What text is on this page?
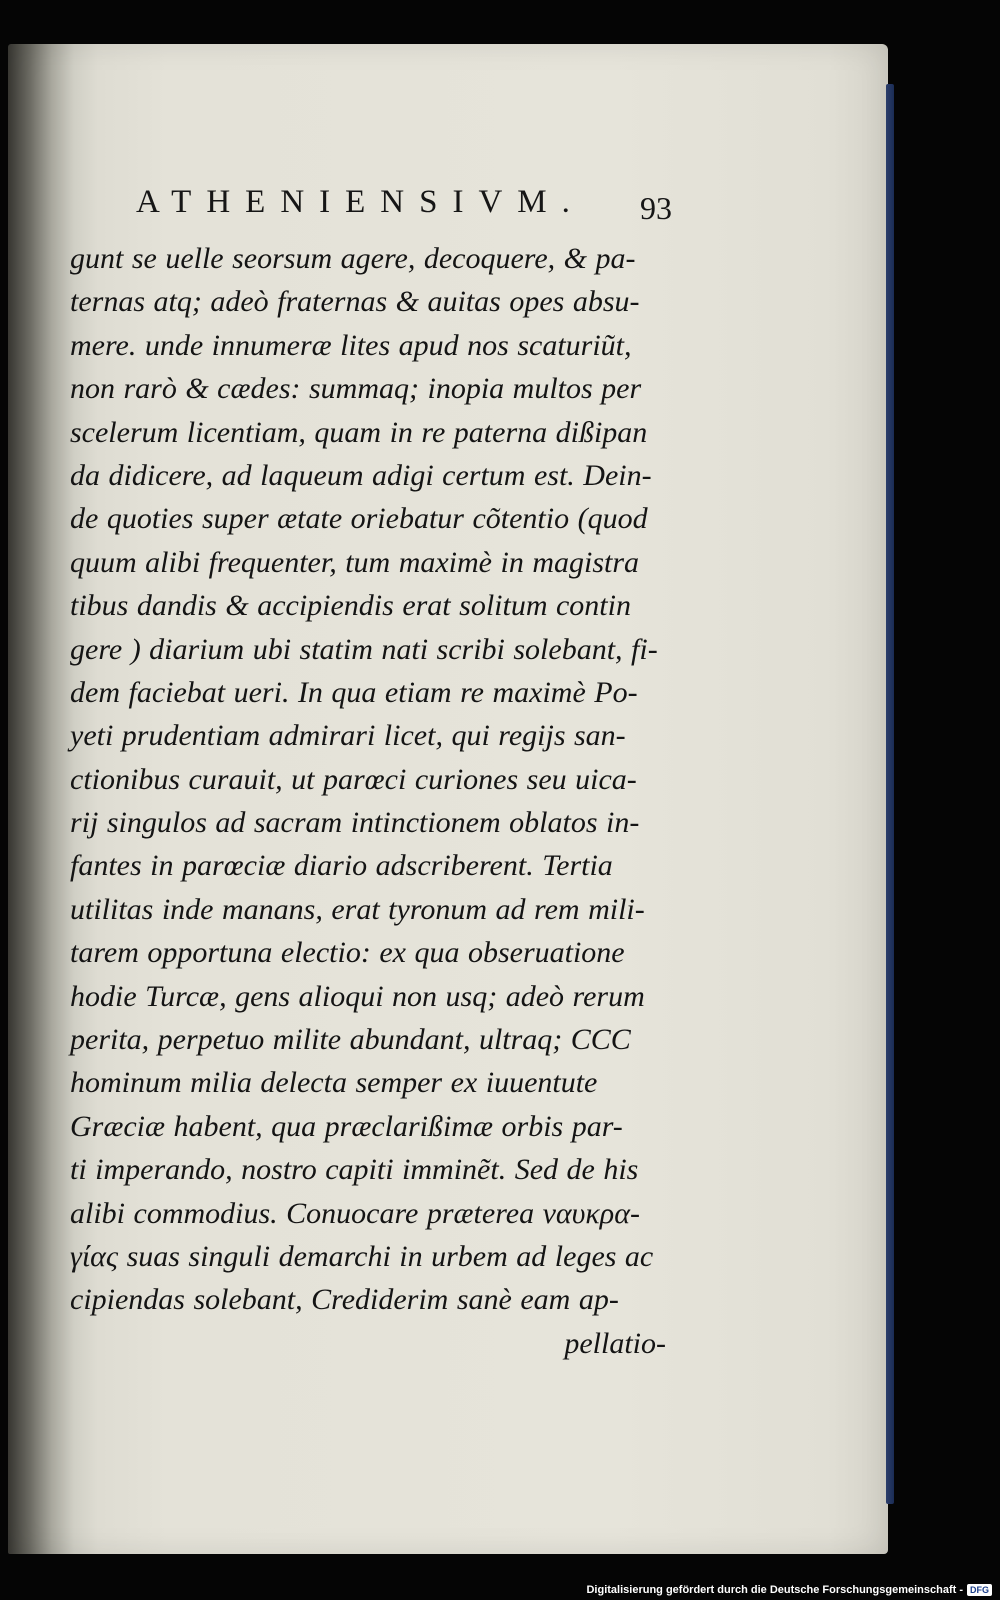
ATHENIENSIVM. 93
gunt se uelle seorsum agere, decoquere, & pa-
ternas atq; adeò fraternas & auitas opes absu-
mere. unde innumeræ lites apud nos scaturiũt,
non rarò & cædes: summaq; inopia multos per
scelerum licentiam, quam in re paterna dißipan
da didicere, ad laqueum adigi certum est. Dein-
de quoties super ætate oriebatur cõtentio (quod
quum alibi frequenter, tum maximè in magistra
tibus dandis & accipiendis erat solitum contin
gere ) diarium ubi statim nati scribi solebant, fi-
dem faciebat ueri. In qua etiam re maximè Po-
yeti prudentiam admirari licet, qui regijs san-
ctionibus curauit, ut parœci curiones seu uica-
rij singulos ad sacram intinctionem oblatos in-
fantes in parœciæ diario adscriberent. Tertia
utilitas inde manans, erat tyronum ad rem mili-
tarem opportuna electio: ex qua obseruatione
hodie Turcæ, gens alioqui non usq; adeò rerum
perita, perpetuo milite abundant, ultraq; CCC
hominum milia delecta semper ex iuuentute
Græciæ habent, qua præclarißimæ orbis par-
ti imperando, nostro capiti imminẽt. Sed de his
alibi commodius. Conuocare præterea ναυκρα-
γίας suas singuli demarchi in urbem ad leges ac
cipiendas solebant, Crediderim sanè eam ap-
pellatio-
Digitalisierung gefördert durch die Deutsche Forschungsgemeinschaft - DFG
